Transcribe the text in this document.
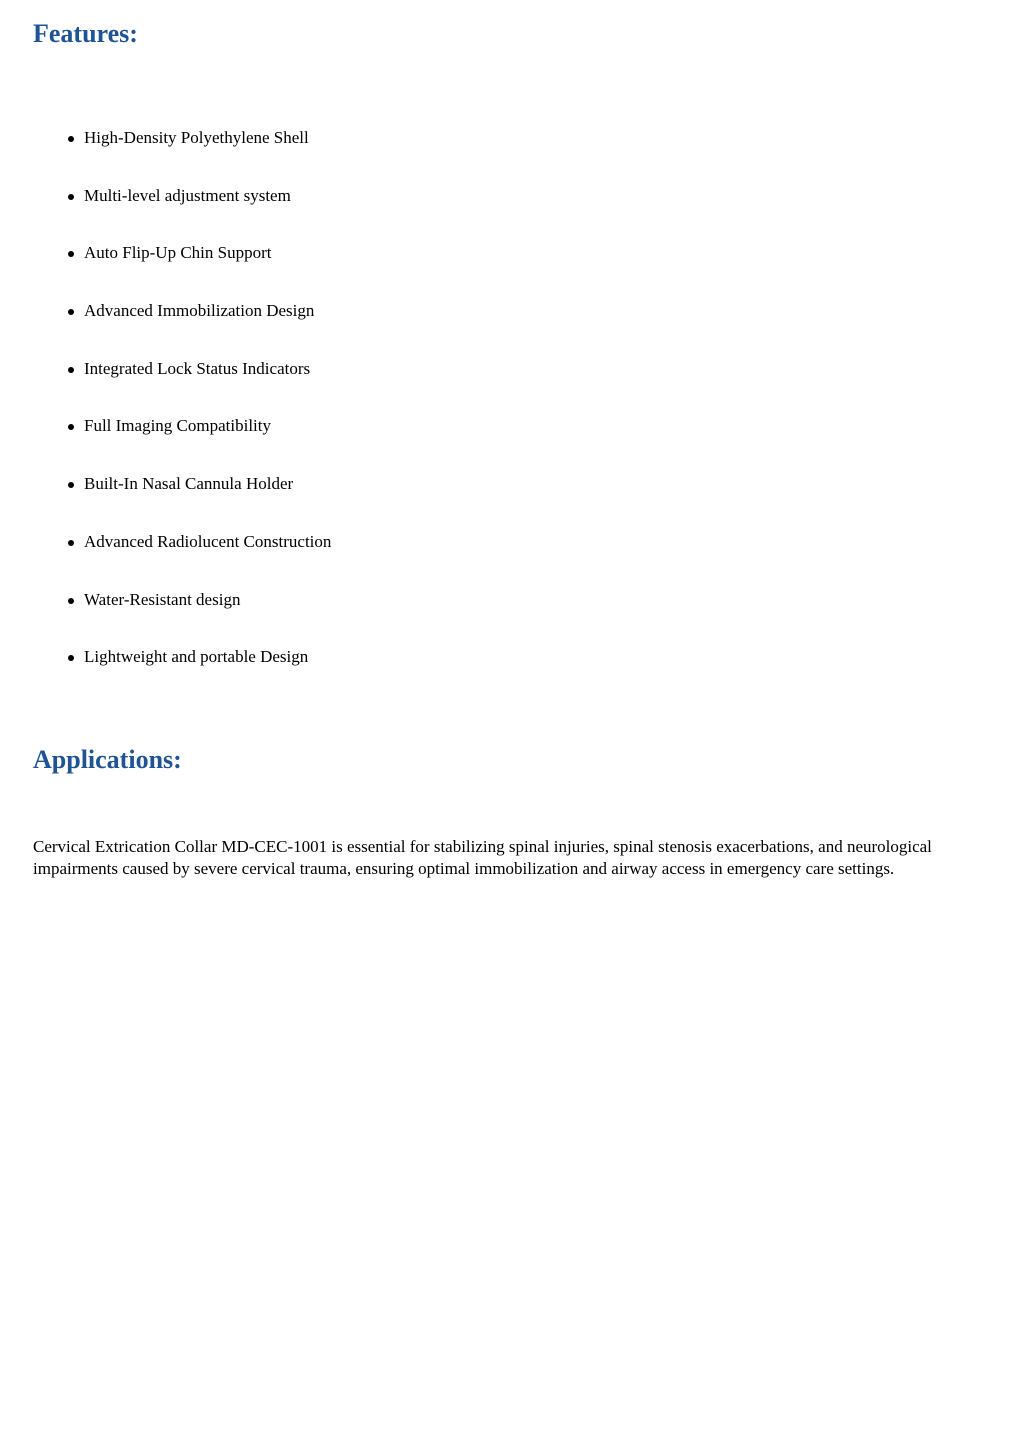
Features:
High-Density Polyethylene Shell
Multi-level adjustment system
Auto Flip-Up Chin Support
Advanced Immobilization Design
Integrated Lock Status Indicators
Full Imaging Compatibility
Built-In Nasal Cannula Holder
Advanced Radiolucent Construction
Water-Resistant design
Lightweight and portable Design
Applications:

Cervical Extrication Collar MD-CEC-1001 is essential for stabilizing spinal injuries, spinal stenosis exacerbations, and neurological impairments caused by severe cervical trauma, ensuring optimal immobilization and airway access in emergency care settings.
